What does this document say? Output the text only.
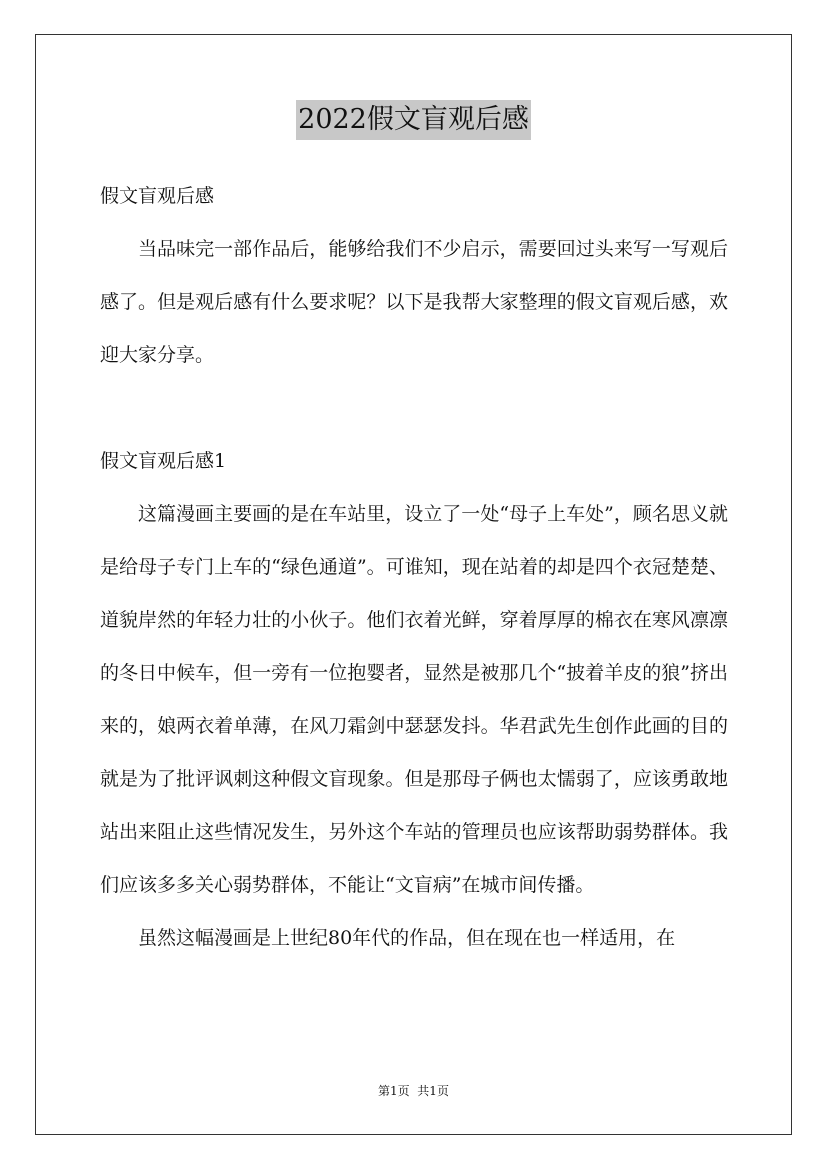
2022假文盲观后感

假文盲观后感

当品味完一部作品后，能够给我们不少启示，需要回过头来写一写观后感了。但是观后感有什么要求呢？以下是我帮大家整理的假文盲观后感，欢迎大家分享。

假文盲观后感1

这篇漫画主要画的是在车站里，设立了一处“母子上车处”，顾名思义就是给母子专门上车的“绿色通道”。可谁知，现在站着的却是四个衣冠楚楚、道貌岸然的年轻力壮的小伙子。他们衣着光鲜，穿着厚厚的棉衣在寒风凛凛的冬日中候车，但一旁有一位抱婴者，显然是被那几个“披着羊皮的狼”挤出来的，娘两衣着单薄，在风刀霜剑中瑟瑟发抖。华君武先生创作此画的目的就是为了批评讽刺这种假文盲现象。但是那母子俩也太懦弱了，应该勇敢地站出来阻止这些情况发生，另外这个车站的管理员也应该帮助弱势群体。我们应该多多关心弱势群体，不能让“文盲病”在城市间传播。

虽然这幅漫画是上世纪80年代的作品，但在现在也一样适用，在

第1页  共1页
